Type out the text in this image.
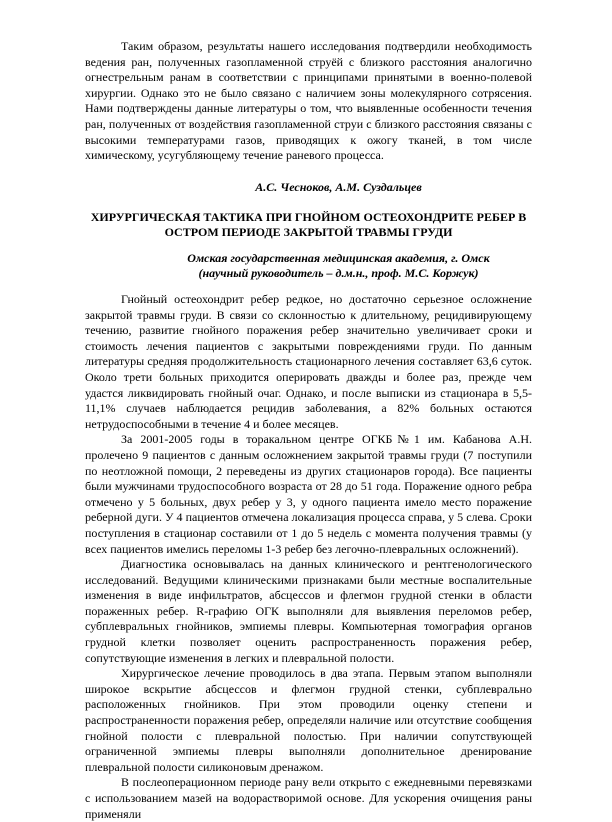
Таким образом, результаты нашего исследования подтвердили необходимость ведения ран, полученных газопламенной струёй с близкого расстояния аналогично огнестрельным ранам в соответствии с принципами принятыми в военно-полевой хирургии. Однако это не было связано с наличием зоны молекулярного сотрясения. Нами подтверждены данные литературы о том, что выявленные особенности течения ран, полученных от воздействия газопламенной струи с близкого расстояния связаны с высокими температурами газов, приводящих к ожогу тканей, в том числе химическому, усугубляющему течение раневого процесса.

А.С. Чесноков, А.М. Суздальцев
ХИРУРГИЧЕСКАЯ ТАКТИКА ПРИ ГНОЙНОМ ОСТЕОХОНДРИТЕ РЕБЕР В
ОСТРОМ ПЕРИОДЕ ЗАКРЫТОЙ ТРАВМЫ ГРУДИ
Омская государственная медицинская академия, г. Омск
(научный руководитель – д.м.н., проф. М.С. Коржук)

Гнойный остеохондрит ребер редкое, но достаточно серьезное осложнение закрытой травмы груди. В связи со склонностью к длительному, рецидивирующему течению, развитие гнойного поражения ребер значительно увеличивает сроки и стоимость лечения пациентов с закрытыми повреждениями груди. По данным литературы средняя продолжительность стационарного лечения составляет 63,6 суток. Около трети больных приходится оперировать дважды и более раз, прежде чем удастся ликвидировать гнойный очаг. Однако, и после выписки из стационара в 5,5-11,1% случаев наблюдается рецидив заболевания, а 82% больных остаются нетрудоспособными в течение 4 и более месяцев.

За 2001-2005 годы в торакальном центре ОГКБ№1 им. Кабанова А.Н. пролечено 9 пациентов с данным осложнением закрытой травмы груди (7 поступили по неотложной помощи, 2 переведены из других стационаров города). Все пациенты были мужчинами трудоспособного возраста от 28 до 51 года. Поражение одного ребра отмечено у 5 больных, двух ребер у 3, у одного пациента имело место поражение реберной дуги. У 4 пациентов отмечена локализация процесса справа, у 5 слева. Сроки поступления в стационар составили от 1 до 5 недель с момента получения травмы (у всех пациентов имелись переломы 1-3 ребер без легочно-плевральных осложнений).

Диагностика основывалась на данных клинического и рентгенологического исследований. Ведущими клиническими признаками были местные воспалительные изменения в виде инфильтратов, абсцессов и флегмон грудной стенки в области пораженных ребер. R-графию ОГК выполняли для выявления переломов ребер, субплевральных гнойников, эмпиемы плевры. Компьютерная томография органов грудной клетки позволяет оценить распространенность поражения ребер, сопутствующие изменения в легких и плевральной полости.

Хирургическое лечение проводилось в два этапа. Первым этапом выполняли широкое вскрытие абсцессов и флегмон грудной стенки, субплеврально расположенных гнойников. При этом проводили оценку степени и распространенности поражения ребер, определяли наличие или отсутствие сообщения гнойной полости с плевральной полостью. При наличии сопутствующей ограниченной эмпиемы плевры выполняли дополнительное дренирование плевральной полости силиконовым дренажом.

В послеоперационном периоде рану вели открыто с ежедневными перевязками с использованием мазей на водорастворимой основе. Для ускорения очищения раны применяли
